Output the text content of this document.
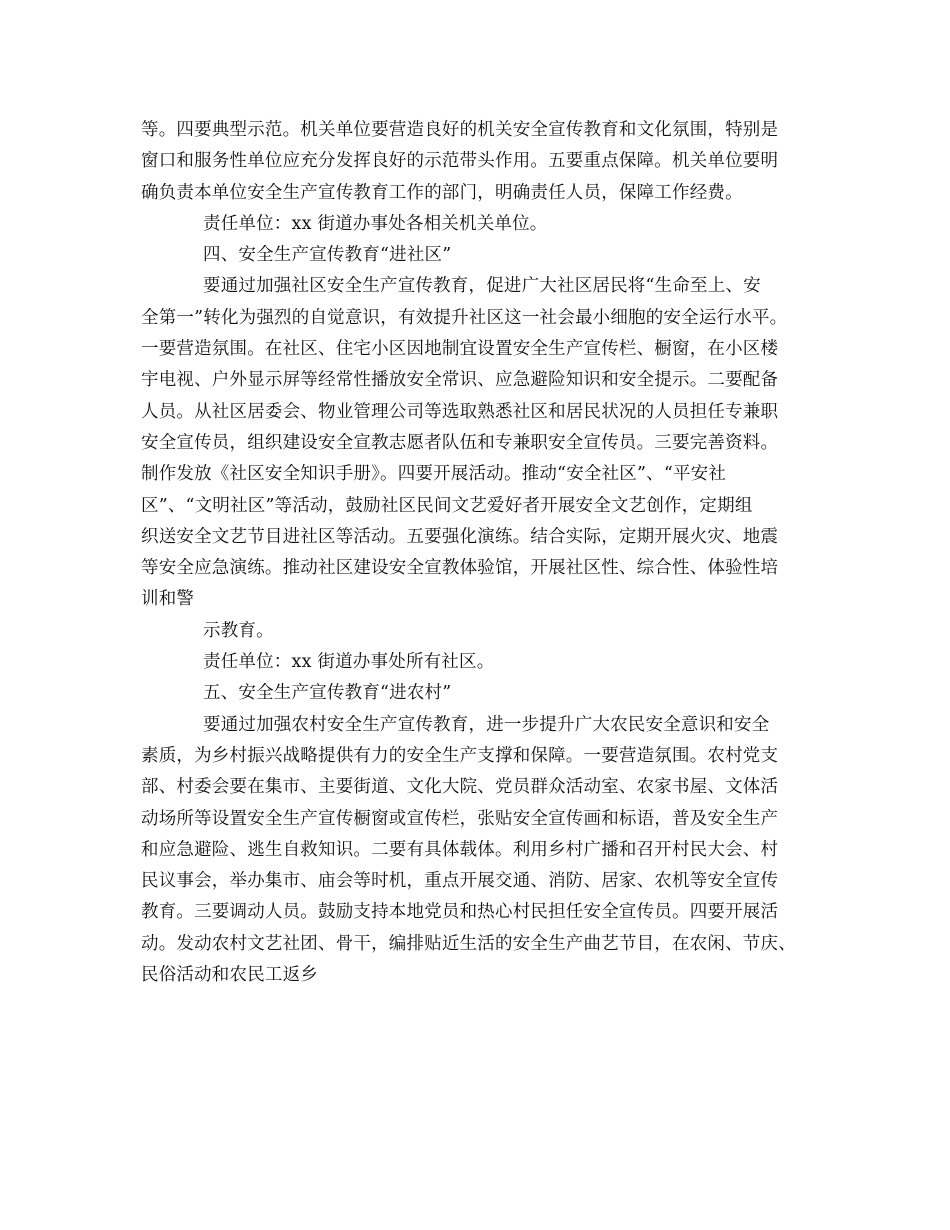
等。四要典型示范。机关单位要营造良好的机关安全宣传教育和文化氛围，特别是
窗口和服务性单位应充分发挥良好的示范带头作用。五要重点保障。机关单位要明
确负责本单位安全生产宣传教育工作的部门，明确责任人员，保障工作经费。
责任单位：xx 街道办事处各相关机关单位。
四、安全生产宣传教育“进社区”
要通过加强社区安全生产宣传教育，促进广大社区居民将“生命至上、安
全第一”转化为强烈的自觉意识，有效提升社区这一社会最小细胞的安全运行水平。
一要营造氛围。在社区、住宅小区因地制宜设置安全生产宣传栏、橱窗，在小区楼
宇电视、户外显示屏等经常性播放安全常识、应急避险知识和安全提示。二要配备
人员。从社区居委会、物业管理公司等选取熟悉社区和居民状况的人员担任专兼职
安全宣传员，组织建设安全宣教志愿者队伍和专兼职安全宣传员。三要完善资料。
制作发放《社区安全知识手册》。四要开展活动。推动“安全社区”、“平安社
区”、“文明社区”等活动，鼓励社区民间文艺爱好者开展安全文艺创作，定期组
织送安全文艺节目进社区等活动。五要强化演练。结合实际，定期开展火灾、地震
等安全应急演练。推动社区建设安全宣教体验馆，开展社区性、综合性、体验性培
训和警
示教育。
责任单位：xx 街道办事处所有社区。
五、安全生产宣传教育“进农村”
要通过加强农村安全生产宣传教育，进一步提升广大农民安全意识和安全
素质，为乡村振兴战略提供有力的安全生产支撑和保障。一要营造氛围。农村党支
部、村委会要在集市、主要街道、文化大院、党员群众活动室、农家书屋、文体活
动场所等设置安全生产宣传橱窗或宣传栏，张贴安全宣传画和标语，普及安全生产
和应急避险、逃生自救知识。二要有具体载体。利用乡村广播和召开村民大会、村
民议事会，举办集市、庙会等时机，重点开展交通、消防、居家、农机等安全宣传
教育。三要调动人员。鼓励支持本地党员和热心村民担任安全宣传员。四要开展活
动。发动农村文艺社团、骨干，编排贴近生活的安全生产曲艺节目，在农闲、节庆、
民俗活动和农民工返乡
